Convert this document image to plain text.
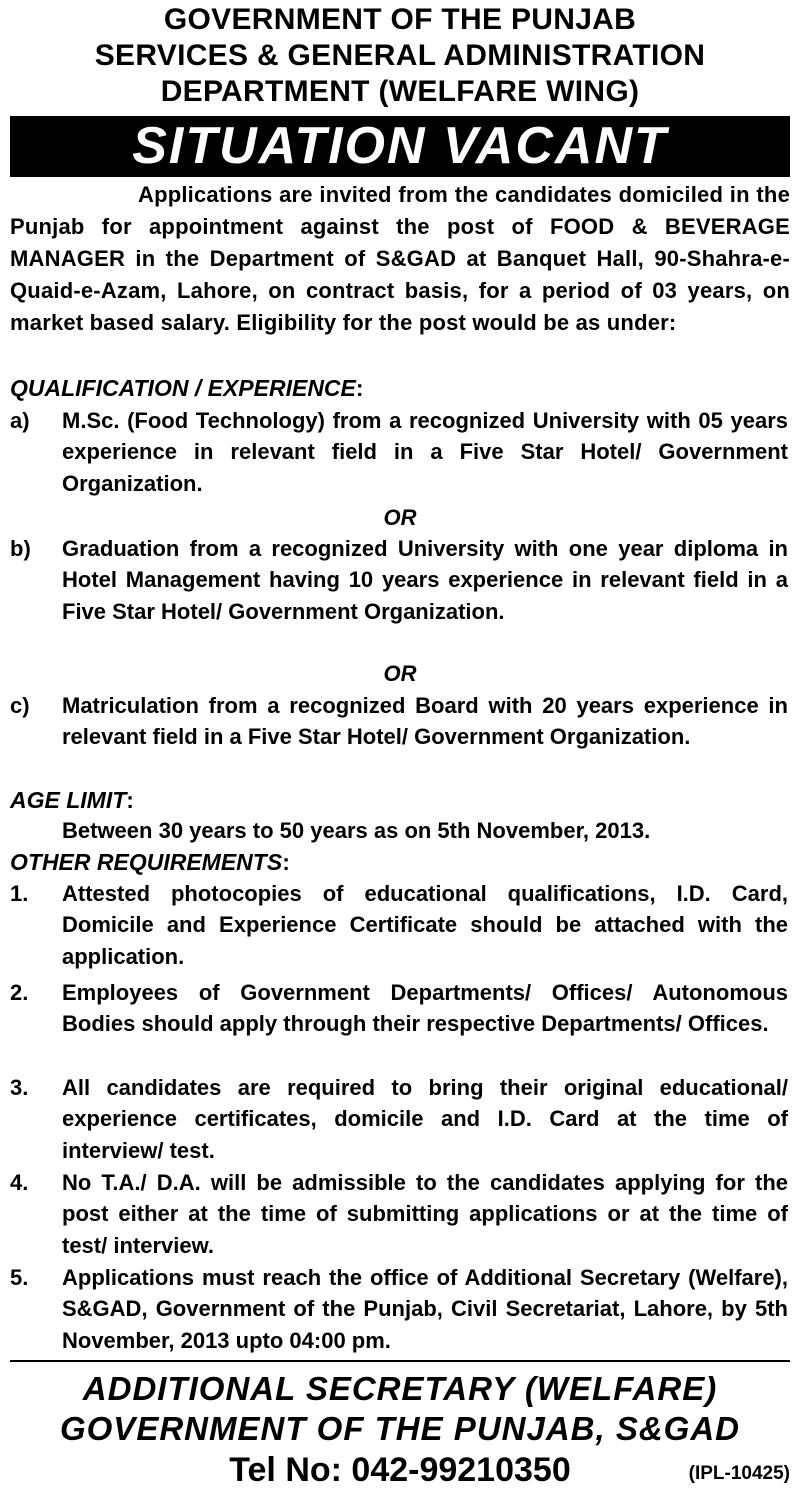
GOVERNMENT OF THE PUNJAB
SERVICES & GENERAL ADMINISTRATION
DEPARTMENT (WELFARE WING)
SITUATION VACANT
Applications are invited from the candidates domiciled in the Punjab for appointment against the post of FOOD & BEVERAGE MANAGER in the Department of S&GAD at Banquet Hall, 90-Shahra-e-Quaid-e-Azam, Lahore, on contract basis, for a period of 03 years, on market based salary. Eligibility for the post would be as under:
QUALIFICATION / EXPERIENCE:
a) M.Sc. (Food Technology) from a recognized University with 05 years experience in relevant field in a Five Star Hotel/ Government Organization.
OR
b) Graduation from a recognized University with one year diploma in Hotel Management having 10 years experience in relevant field in a Five Star Hotel/ Government Organization.
OR
c) Matriculation from a recognized Board with 20 years experience in relevant field in a Five Star Hotel/ Government Organization.
AGE LIMIT:
Between 30 years to 50 years as on 5th November, 2013.
OTHER REQUIREMENTS:
1. Attested photocopies of educational qualifications, I.D. Card, Domicile and Experience Certificate should be attached with the application.
2. Employees of Government Departments/ Offices/ Autonomous Bodies should apply through their respective Departments/ Offices.
3. All candidates are required to bring their original educational/ experience certificates, domicile and I.D. Card at the time of interview/ test.
4. No T.A./ D.A. will be admissible to the candidates applying for the post either at the time of submitting applications or at the time of test/ interview.
5. Applications must reach the office of Additional Secretary (Welfare), S&GAD, Government of the Punjab, Civil Secretariat, Lahore, by 5th November, 2013 upto 04:00 pm.
ADDITIONAL SECRETARY (WELFARE)
GOVERNMENT OF THE PUNJAB, S&GAD
Tel No: 042-99210350	(IPL-10425)
